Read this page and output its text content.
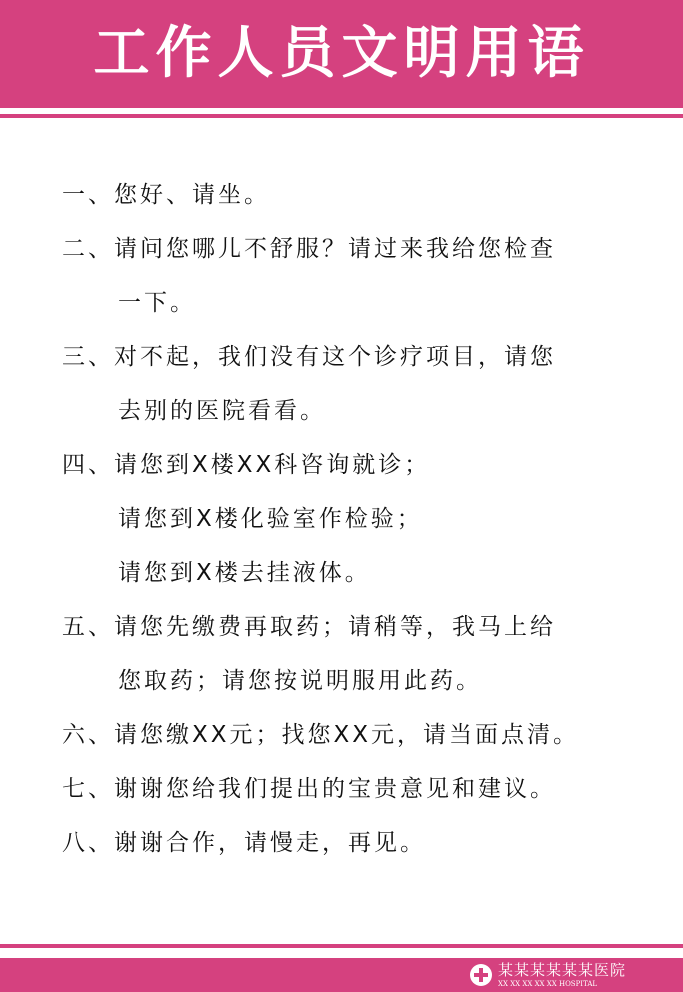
工作人员文明用语
一、您好、请坐。
二、请问您哪儿不舒服？请过来我给您检查
一下。
三、对不起，我们没有这个诊疗项目，请您
去别的医院看看。
四、请您到X楼XX科咨询就诊；
请您到X楼化验室作检验；
请您到X楼去挂液体。
五、请您先缴费再取药；请稍等，我马上给
您取药；请您按说明服用此药。
六、请您缴XX元；找您XX元，请当面点清。
七、谢谢您给我们提出的宝贵意见和建议。
八、谢谢合作，请慢走，再见。
某某某某某某医院
XX XX XX XX XX HOSPITAL
